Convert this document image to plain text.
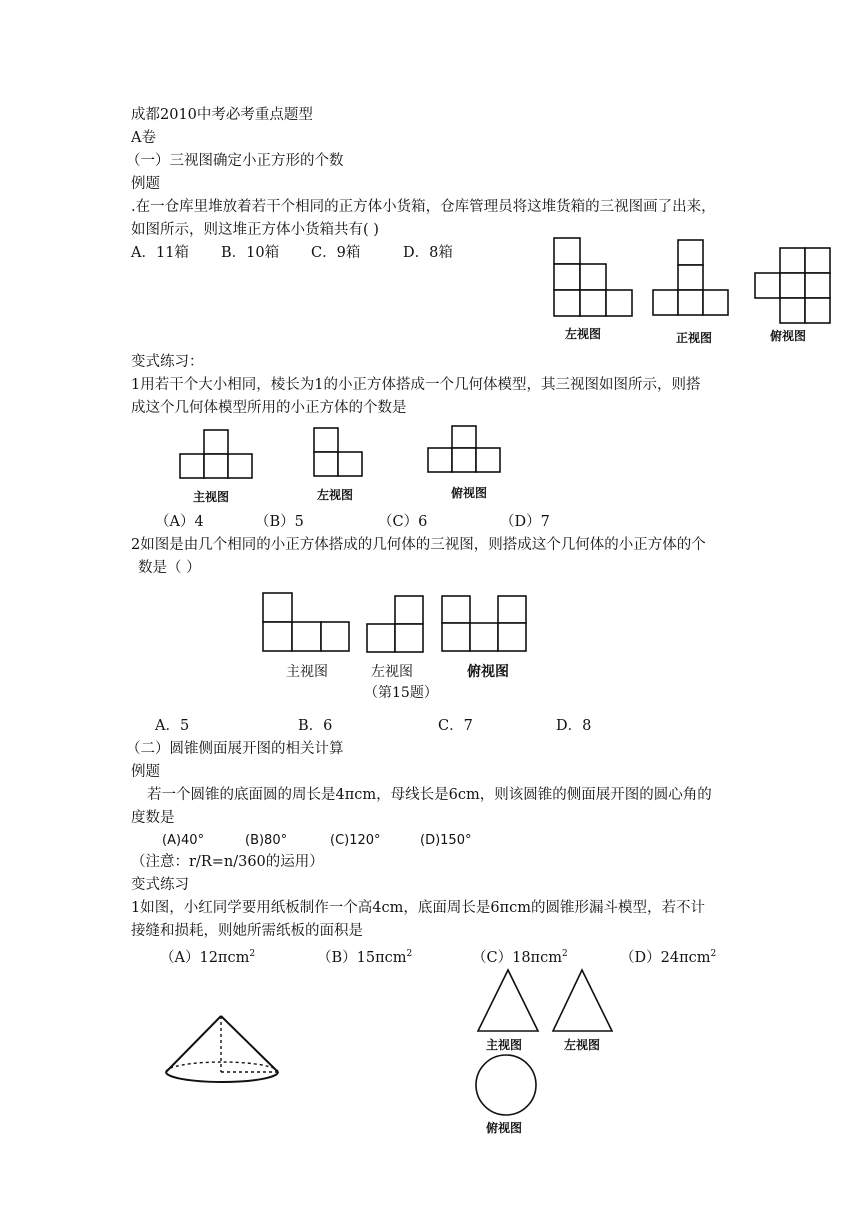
成都2010中考必考重点题型
A卷
（一）三视图确定小正方形的个数
例题
.在一仓库里堆放着若干个相同的正方体小货箱，仓库管理员将这堆货箱的三视图画了出来，
如图所示，则这堆正方体小货箱共有( )
A．11箱 B．10箱 C．9箱	D．8箱
左视图	正视图	俯视图
变式练习：
1用若干个大小相同，棱长为1的小正方体搭成一个几何体模型，其三视图如图所示，则搭
成这个几何体模型所用的小正方体的个数是
主视图	左视图	俯视图
（A）4	（B）5	（C）6	（D）7
2如图是由几个相同的小正方体搭成的几何体的三视图，则搭成这个几何体的小正方体的个
数是（ ）
主视图	左视图	俯视图
（第15题）
A．5	B．6	C．7	D．8
（二）圆锥侧面展开图的相关计算
例题
若一个圆锥的底面圆的周长是4πcm，母线长是6cm，则该圆锥的侧面展开图的圆心角的
度数是
(A)40°	(B)80°	(C)120°	(D)150°
（注意：r/R=n/360的运用）
变式练习
1如图，小红同学要用纸板制作一个高4cm，底面周长是6πcm的圆锥形漏斗模型，若不计
接缝和损耗，则她所需纸板的面积是
（A）12πcm$^2$	（B）15πcm$^2$	（C）18πcm$^2$	（D）24πcm$^2$
主视图	左视图
俯视图
